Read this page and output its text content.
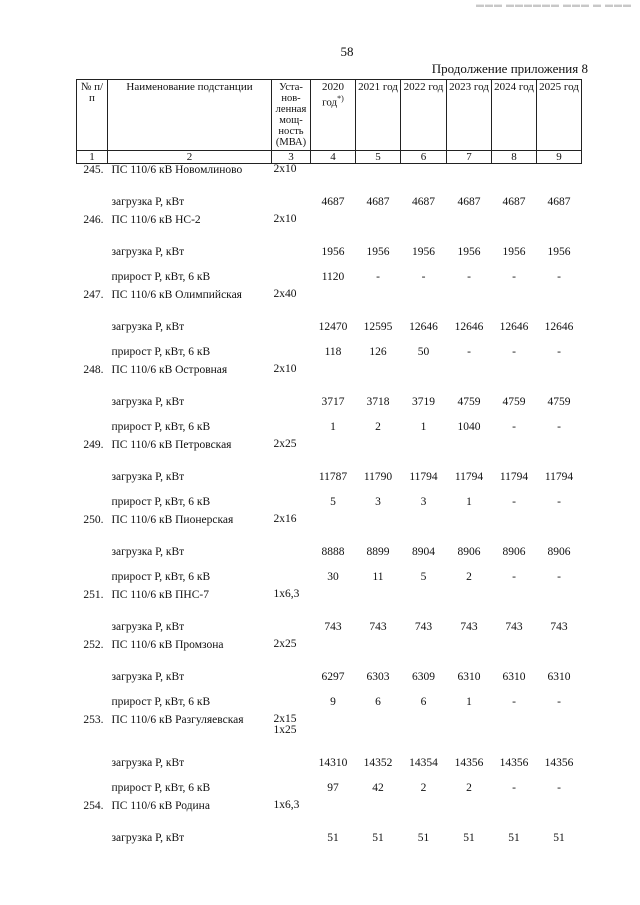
▬▬▬ ▬▬▬▬▬▬ ▬▬▬ ▬ ▬▬▬
58
Продолжение приложения 8
№ п/п	Наименование подстанции	Уста-нов-ленная мощ-ность (МВА)	2020 год*)	2021 год	2022 год	2023 год	2024 год	2025 год
1	2	3	4	5	6	7	8	9
245.	ПС 110/6 кВ Новомлиново	2х10						
	загрузка Р, кВт		4687	4687	4687	4687	4687	4687
246.	ПС 110/6 кВ НС-2	2х10						
	загрузка Р, кВт		1956	1956	1956	1956	1956	1956
	прирост Р, кВт, 6 кВ		1120	-	-	-	-	-
247.	ПС 110/6 кВ Олимпийская	2х40						
	загрузка Р, кВт		12470	12595	12646	12646	12646	12646
	прирост Р, кВт, 6 кВ		118	126	50	-	-	-
248.	ПС 110/6 кВ Островная	2х10						
	загрузка Р, кВт		3717	3718	3719	4759	4759	4759
	прирост Р, кВт, 6 кВ		1	2	1	1040	-	-
249.	ПС 110/6 кВ Петровская	2х25						
	загрузка Р, кВт		11787	11790	11794	11794	11794	11794
	прирост Р, кВт, 6 кВ		5	3	3	1	-	-
250.	ПС 110/6 кВ Пионерская	2х16						
	загрузка Р, кВт		8888	8899	8904	8906	8906	8906
	прирост Р, кВт, 6 кВ		30	11	5	2	-	-
251.	ПС 110/6 кВ ПНС-7	1х6,3						
	загрузка Р, кВт		743	743	743	743	743	743
252.	ПС 110/6 кВ Промзона	2х25						
	загрузка Р, кВт		6297	6303	6309	6310	6310	6310
	прирост Р, кВт, 6 кВ		9	6	6	1	-	-
253.	ПС 110/6 кВ Разгуляевская	2х15
1х25						
	загрузка Р, кВт		14310	14352	14354	14356	14356	14356
	прирост Р, кВт, 6 кВ		97	42	2	2	-	-
254.	ПС 110/6 кВ Родина	1х6,3						
	загрузка Р, кВт		51	51	51	51	51	51
